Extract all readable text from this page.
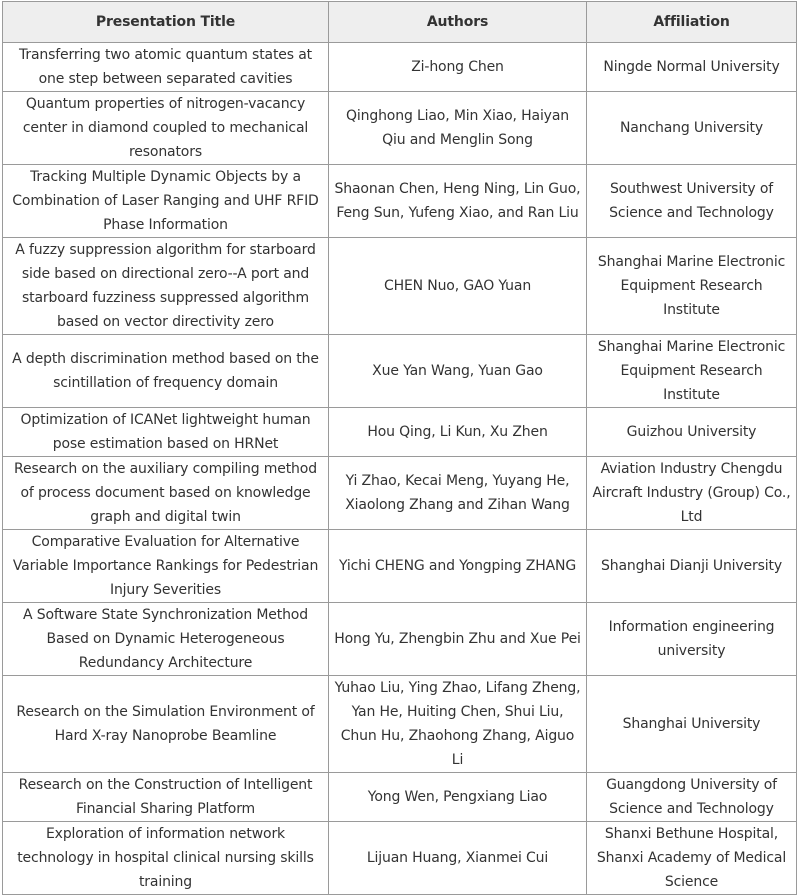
Presentation Title	Authors	Affiliation
Transferring two atomic quantum states at one step between separated cavities	Zi-hong Chen	Ningde Normal University
Quantum properties of nitrogen-vacancy center in diamond coupled to mechanical resonators	Qinghong Liao, Min Xiao, Haiyan Qiu and Menglin Song	Nanchang University
Tracking Multiple Dynamic Objects by a Combination of Laser Ranging and UHF RFID Phase Information	Shaonan Chen, Heng Ning, Lin Guo, Feng Sun, Yufeng Xiao, and Ran Liu	Southwest University of Science and Technology
A fuzzy suppression algorithm for starboard side based on directional zero--A port and starboard fuzziness suppressed algorithm based on vector directivity zero	CHEN Nuo, GAO Yuan	Shanghai Marine Electronic Equipment Research Institute
A depth discrimination method based on the scintillation of frequency domain	Xue Yan Wang, Yuan Gao	Shanghai Marine Electronic Equipment Research Institute
Optimization of ICANet lightweight human pose estimation based on HRNet	Hou Qing, Li Kun, Xu Zhen	Guizhou University
Research on the auxiliary compiling method of process document based on knowledge graph and digital twin	Yi Zhao, Kecai Meng, Yuyang He, Xiaolong Zhang and Zihan Wang	Aviation Industry Chengdu Aircraft Industry (Group) Co., Ltd
Comparative Evaluation for Alternative Variable Importance Rankings for Pedestrian Injury Severities	Yichi CHENG and Yongping ZHANG	Shanghai Dianji University
A Software State Synchronization Method Based on Dynamic Heterogeneous Redundancy Architecture	Hong Yu, Zhengbin Zhu and Xue Pei	Information engineering university
Research on the Simulation Environment of Hard X-ray Nanoprobe Beamline	Yuhao Liu, Ying Zhao, Lifang Zheng, Yan He, Huiting Chen, Shui Liu, Chun Hu, Zhaohong Zhang, Aiguo Li	Shanghai University
Research on the Construction of Intelligent Financial Sharing Platform	Yong Wen, Pengxiang Liao	Guangdong University of Science and Technology
Exploration of information network technology in hospital clinical nursing skills training	Lijuan Huang, Xianmei Cui	Shanxi Bethune Hospital, Shanxi Academy of Medical Science
